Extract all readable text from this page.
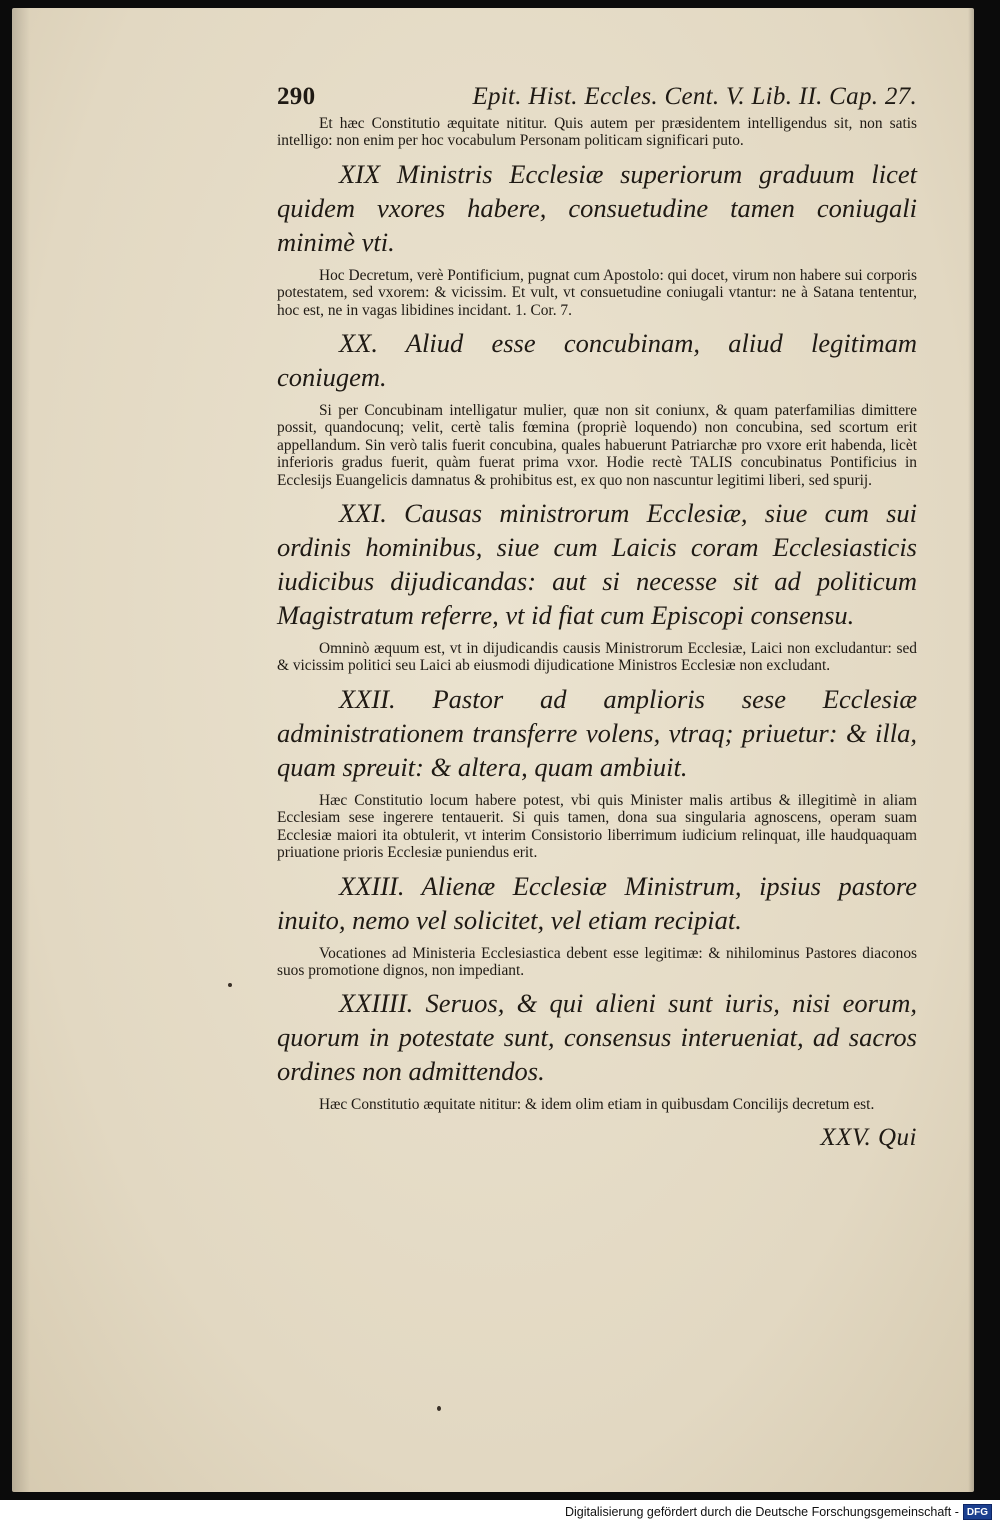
290	Epit. Hist. Eccles. Cent. V. Lib. II. Cap. 27.

Et hæc Constitutio æquitate nititur. Quis autem per præsidentem intelligendus sit, non satis intelligo: non enim per hoc vocabulum Personam politicam significari puto.

XIX Ministris Ecclesiæ superiorum graduum licet quidem vxores habere, consuetudine tamen coniugali minimè vti.

Hoc Decretum, verè Pontificium, pugnat cum Apostolo: qui docet, virum non habere sui corporis potestatem, sed vxorem: & vicissim. Et vult, vt consuetudine coniugali vtantur: ne à Satana tententur, hoc est, ne in vagas libidines incidant. 1. Cor. 7.

XX. Aliud esse concubinam, aliud legitimam coniugem.

Si per Concubinam intelligatur mulier, quæ non sit coniunx, & quam paterfamilias dimittere possit, quandocunq; velit, certè talis fœmina (propriè loquendo) non concubina, sed scortum erit appellandum. Sin verò talis fuerit concubina, quales habuerunt Patriarchæ pro vxore erit habenda, licèt inferioris gradus fuerit, quàm fuerat prima vxor. Hodie rectè TALIS concubinatus Pontificius in Ecclesijs Euangelicis damnatus & prohibitus est, ex quo non nascuntur legitimi liberi, sed spurij.

XXI. Causas ministrorum Ecclesiæ, siue cum sui ordinis hominibus, siue cum Laicis coram Ecclesiasticis iudicibus dijudicandas: aut si necesse sit ad politicum Magistratum referre, vt id fiat cum Episcopi consensu.

Omninò æquum est, vt in dijudicandis causis Ministrorum Ecclesiæ, Laici non excludantur: sed & vicissim politici seu Laici ab eiusmodi dijudicatione Ministros Ecclesiæ non excludant.

XXII. Pastor ad amplioris sese Ecclesiæ administrationem transferre volens, vtraq; priuetur: & illa, quam spreuit: & altera, quam ambiuit.

Hæc Constitutio locum habere potest, vbi quis Minister malis artibus & illegitimè in aliam Ecclesiam sese ingerere tentauerit. Si quis tamen, dona sua singularia agnoscens, operam suam Ecclesiæ maiori ita obtulerit, vt interim Consistorio liberrimum iudicium relinquat, ille haudquaquam priuatione prioris Ecclesiæ puniendus erit.

XXIII. Alienæ Ecclesiæ Ministrum, ipsius pastore inuito, nemo vel solicitet, vel etiam recipiat.

Vocationes ad Ministeria Ecclesiastica debent esse legitimæ: & nihilominus Pastores diaconos suos promotione dignos, non impediant.

XXIIII. Seruos, & qui alieni sunt iuris, nisi eorum, quorum in potestate sunt, consensus interueniat, ad sacros ordines non admittendos.

Hæc Constitutio æquitate nititur: & idem olim etiam in quibusdam Concilijs decretum est.

XXV. Qui
Digitalisierung gefördert durch die Deutsche Forschungsgemeinschaft - DFG
